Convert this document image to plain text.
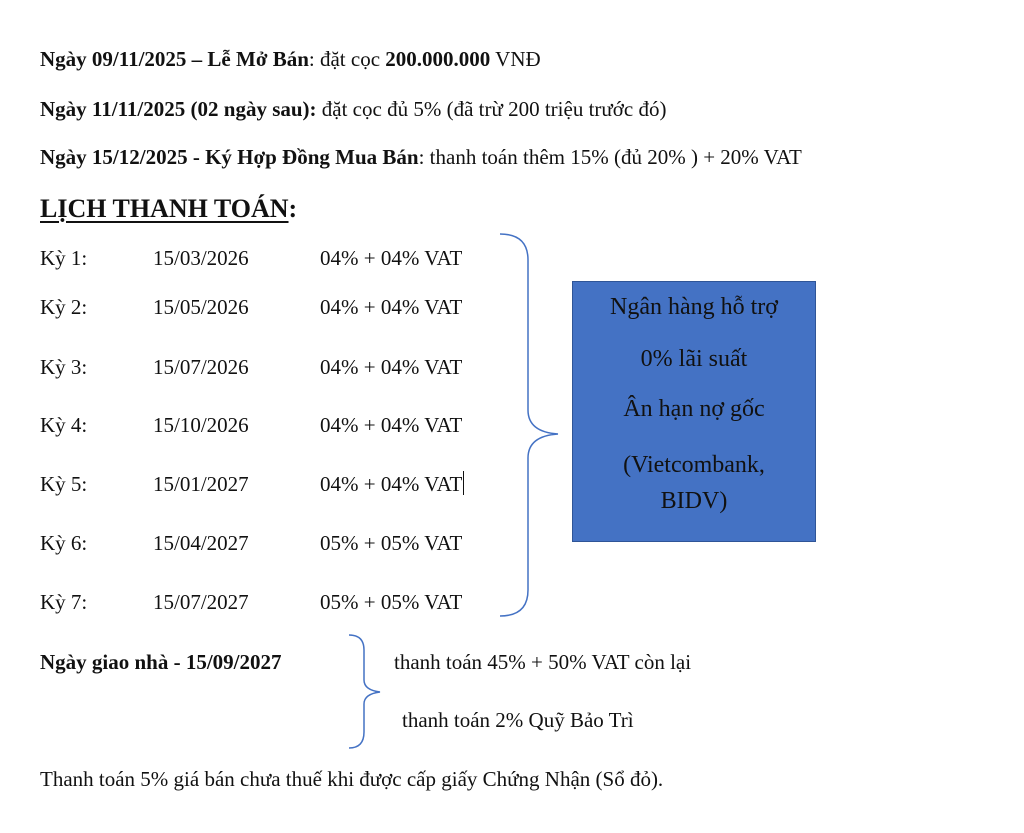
Ngày 09/11/2025 – Lễ Mở Bán: đặt cọc 200.000.000 VNĐ
Ngày 11/11/2025 (02 ngày sau): đặt cọc đủ 5% (đã trừ 200 triệu trước đó)
Ngày 15/12/2025 - Ký Hợp Đồng Mua Bán: thanh toán thêm 15% (đủ 20% ) + 20% VAT
LỊCH THANH TOÁN:
Kỳ 1:	15/03/2026	04% + 04% VAT
Kỳ 2:	15/05/2026	04% + 04% VAT
Kỳ 3:	15/07/2026	04% + 04% VAT
Kỳ 4:	15/10/2026	04% + 04% VAT
Kỳ 5:	15/01/2027	04% + 04% VAT
Kỳ 6:	15/04/2027	05% + 05% VAT
Kỳ 7:	15/07/2027	05% + 05% VAT
Ngân hàng hỗ trợ
0% lãi suất
Ân hạn nợ gốc
(Vietcombank,
BIDV)
Ngày giao nhà - 15/09/2027	thanh toán 45% + 50% VAT còn lại
thanh toán 2% Quỹ Bảo Trì
Thanh toán 5% giá bán chưa thuế khi được cấp giấy Chứng Nhận (Sổ đỏ).
